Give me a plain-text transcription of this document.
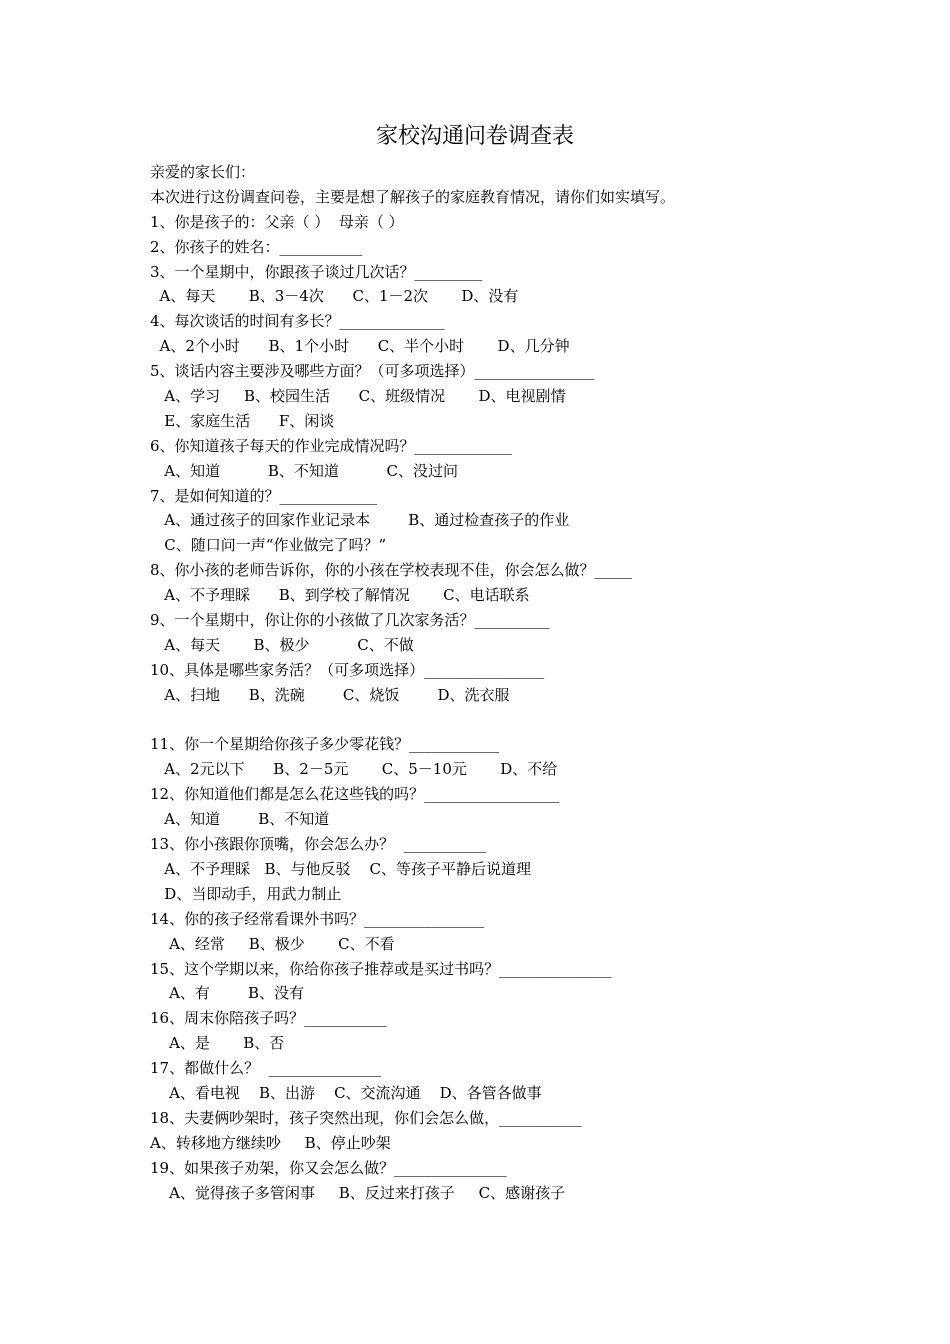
家校沟通问卷调查表
亲爱的家长们：
本次进行这份调查问卷，主要是想了解孩子的家庭教育情况，请你们如实填写。
1、你是孩子的：父亲（ ）  母亲（ ）
2、你孩子的姓名：___________
3、一个星期中，你跟孩子谈过几次话？_________
A、每天       B、3－4次      C、1－2次       D、没有
4、每次谈话的时间有多长？______________
A、2个小时      B、1个小时      C、半个小时       D、几分钟
5、谈话内容主要涉及哪些方面？（可多项选择）________________
A、学习     B、校园生活      C、班级情况       D、电视剧情
E、家庭生活      F、闲谈
6、你知道孩子每天的作业完成情况吗？_____________
A、知道          B、不知道          C、没过问
7、是如何知道的？_____________
A、通过孩子的回家作业记录本        B、通过检查孩子的作业
C、随口问一声“作业做完了吗？”
8、你小孩的老师告诉你，你的小孩在学校表现不佳，你会怎么做？_____
A、不予理睬      B、到学校了解情况       C、电话联系
9、一个星期中，你让你的小孩做了几次家务活？__________
A、每天       B、极少          C、不做
10、具体是哪些家务活？（可多项选择）________________
A、扫地      B、洗碗        C、烧饭        D、洗衣服
11、你一个星期给你孩子多少零花钱？____________
A、2元以下      B、2－5元       C、5－10元       D、不给
12、你知道他们都是怎么花这些钱的吗？__________________
A、知道        B、不知道
13、你小孩跟你顶嘴，你会怎么办？  ___________
A、不予理睬   B、与他反驳    C、等孩子平静后说道理
D、当即动手，用武力制止
14、你的孩子经常看课外书吗？________________
A、经常     B、极少       C、不看
15、这个学期以来，你给你孩子推荐或是买过书吗？_______________
A、有        B、没有
16、周末你陪孩子吗？___________
A、是       B、否
17、都做什么？  _______________
A、看电视    B、出游    C、交流沟通    D、各管各做事
18、夫妻俩吵架时，孩子突然出现，你们会怎么做，___________
A、转移地方继续吵     B、停止吵架
19、如果孩子劝架，你又会怎么做？_______________
A、觉得孩子多管闲事     B、反过来打孩子     C、感谢孩子
